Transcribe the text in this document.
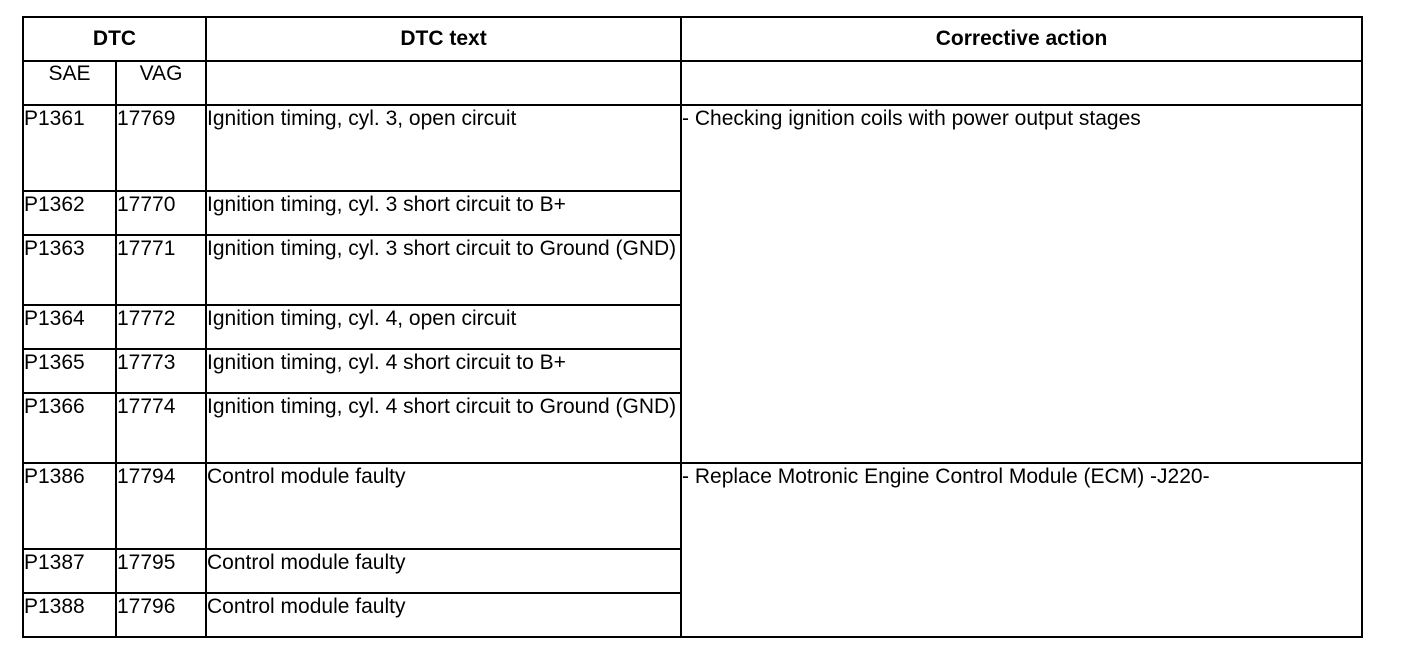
DTC		DTC text	Corrective action
SAE	VAG		
P1361	17769	Ignition timing, cyl. 3, open circuit	- Checking ignition coils with power output stages
P1362	17770	Ignition timing, cyl. 3 short circuit to B+	
P1363	17771	Ignition timing, cyl. 3 short circuit to Ground (GND)	
P1364	17772	Ignition timing, cyl. 4, open circuit	
P1365	17773	Ignition timing, cyl. 4 short circuit to B+	
P1366	17774	Ignition timing, cyl. 4 short circuit to Ground (GND)	
P1386	17794	Control module faulty	- Replace Motronic Engine Control Module (ECM) -J220-
P1387	17795	Control module faulty	
P1388	17796	Control module faulty	
